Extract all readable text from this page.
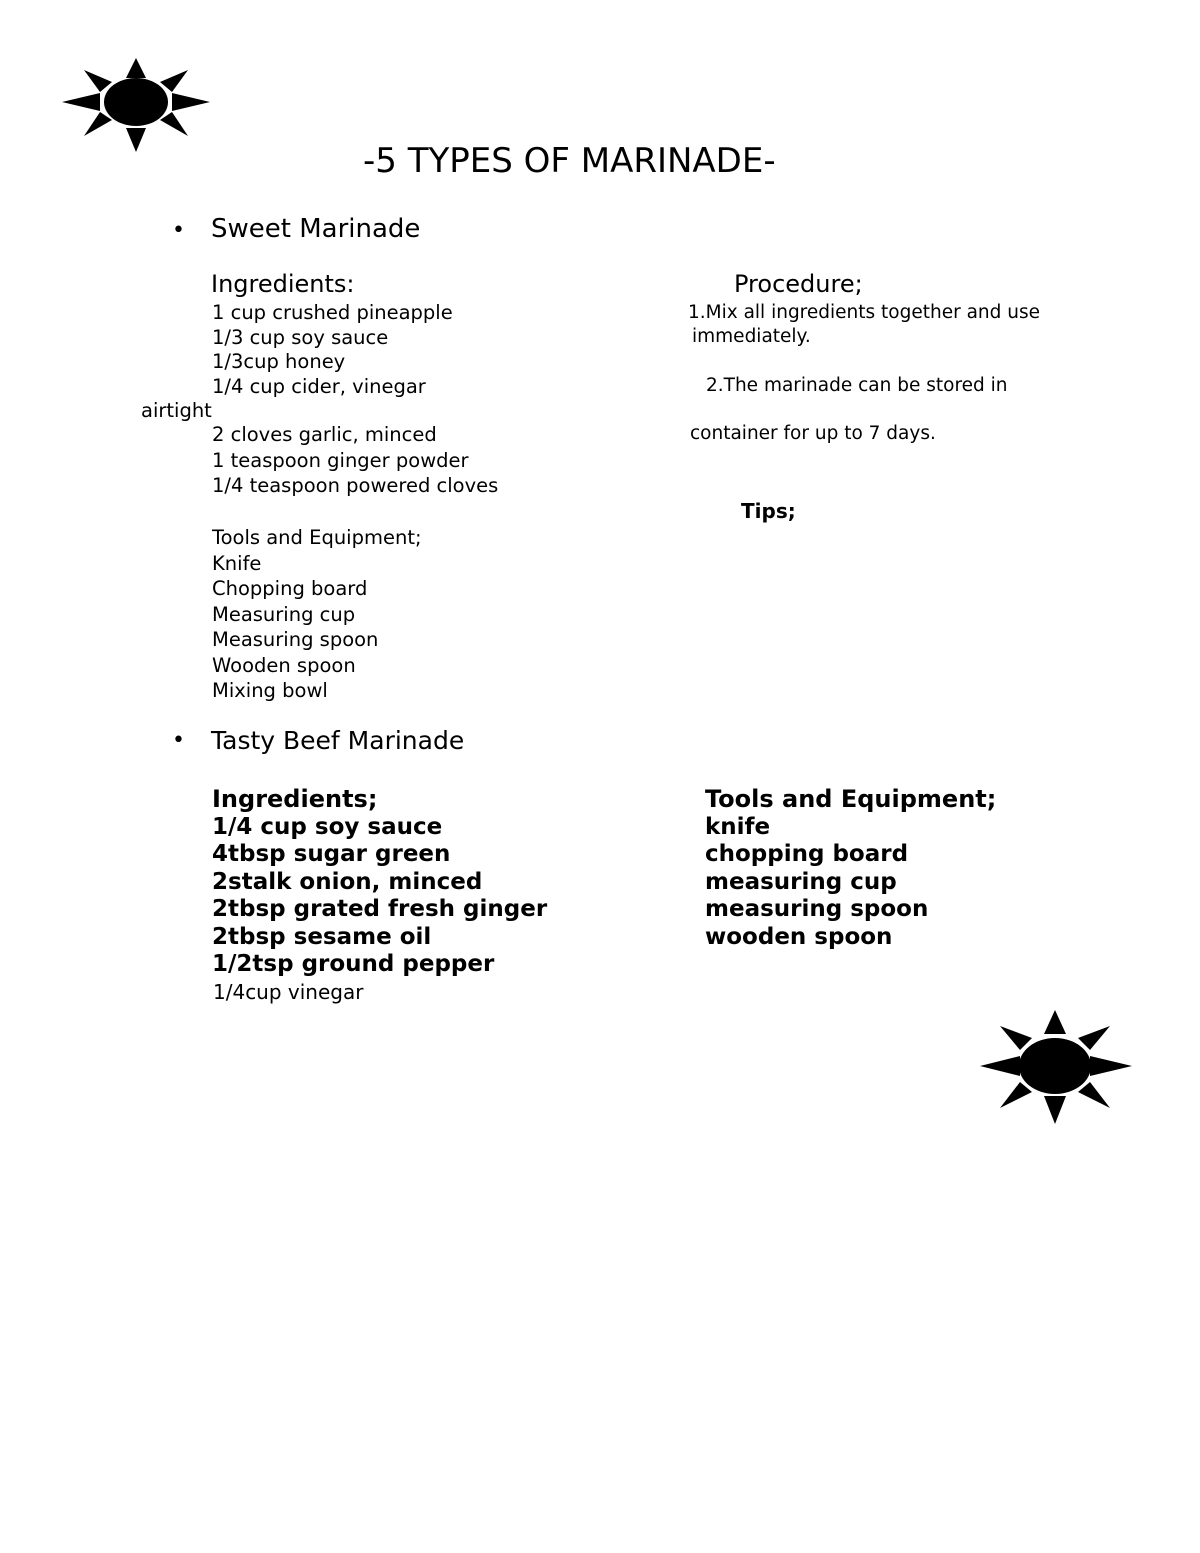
-5 TYPES OF MARINADE-
• Sweet Marinade
Ingredients:
1 cup crushed pineapple
1/3 cup soy sauce
1/3cup honey
1/4 cup cider, vinegar
airtight
2 cloves garlic, minced
1 teaspoon ginger powder
1/4 teaspoon powered cloves
Tools and Equipment;
Knife
Chopping board
Measuring cup
Measuring spoon
Wooden spoon
Mixing bowl
Procedure;
1.Mix all ingredients together and use
immediately.
2.The marinade can be stored in
container for up to 7 days.
Tips;
• Tasty Beef Marinade
Ingredients;
1/4 cup soy sauce
4tbsp sugar green
2stalk onion, minced
2tbsp grated fresh ginger
2tbsp sesame oil
1/2tsp ground pepper
1/4cup vinegar
Tools and Equipment;
knife
chopping board
measuring cup
measuring spoon
wooden spoon
